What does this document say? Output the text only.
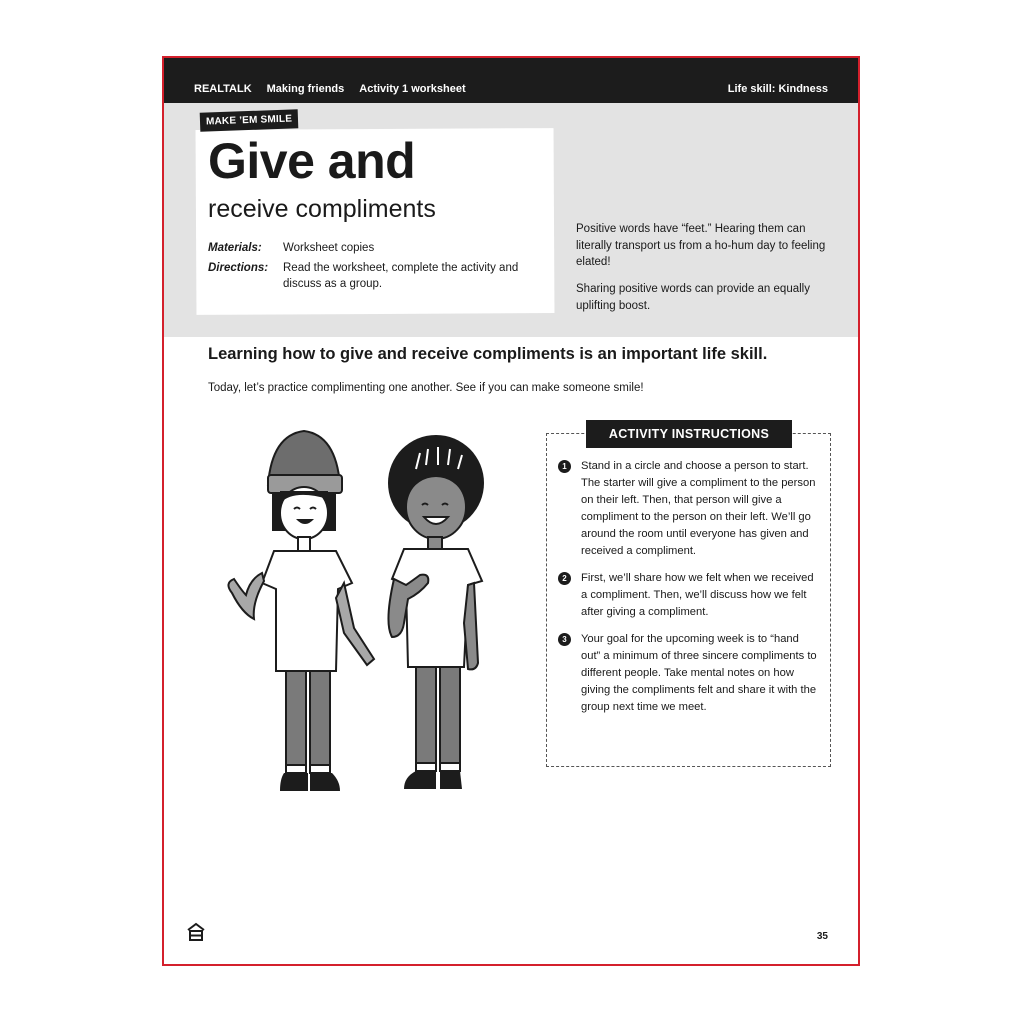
REALTALK Making friends Activity 1 worksheet	Life skill: Kindness

Positive words have “feet.” Hearing them can literally transport us from a ho-hum day to feeling elated!

Sharing positive words can provide an equally uplifting boost.

MAKE ’EM SMILE
Give and
receive compliments
Materials:	Worksheet copies
Directions:	Read the worksheet, complete the activity and discuss as a group.

Learning how to give and receive compliments is an important life skill.

Today, let’s practice complimenting one another. See if you can make someone smile!

ACTIVITY INSTRUCTIONS
1	Stand in a circle and choose a person to start. The starter will give a compliment to the person on their left. Then, that person will give a compliment to the person on their left. We’ll go around the room until everyone has given and received a compliment.
2	First, we’ll share how we felt when we received a compliment. Then, we’ll discuss how we felt after giving a compliment.
3	Your goal for the upcoming week is to “hand out” a minimum of three sincere compliments to different people. Take mental notes on how giving the compliments felt and share it with the group next time we meet.
35
